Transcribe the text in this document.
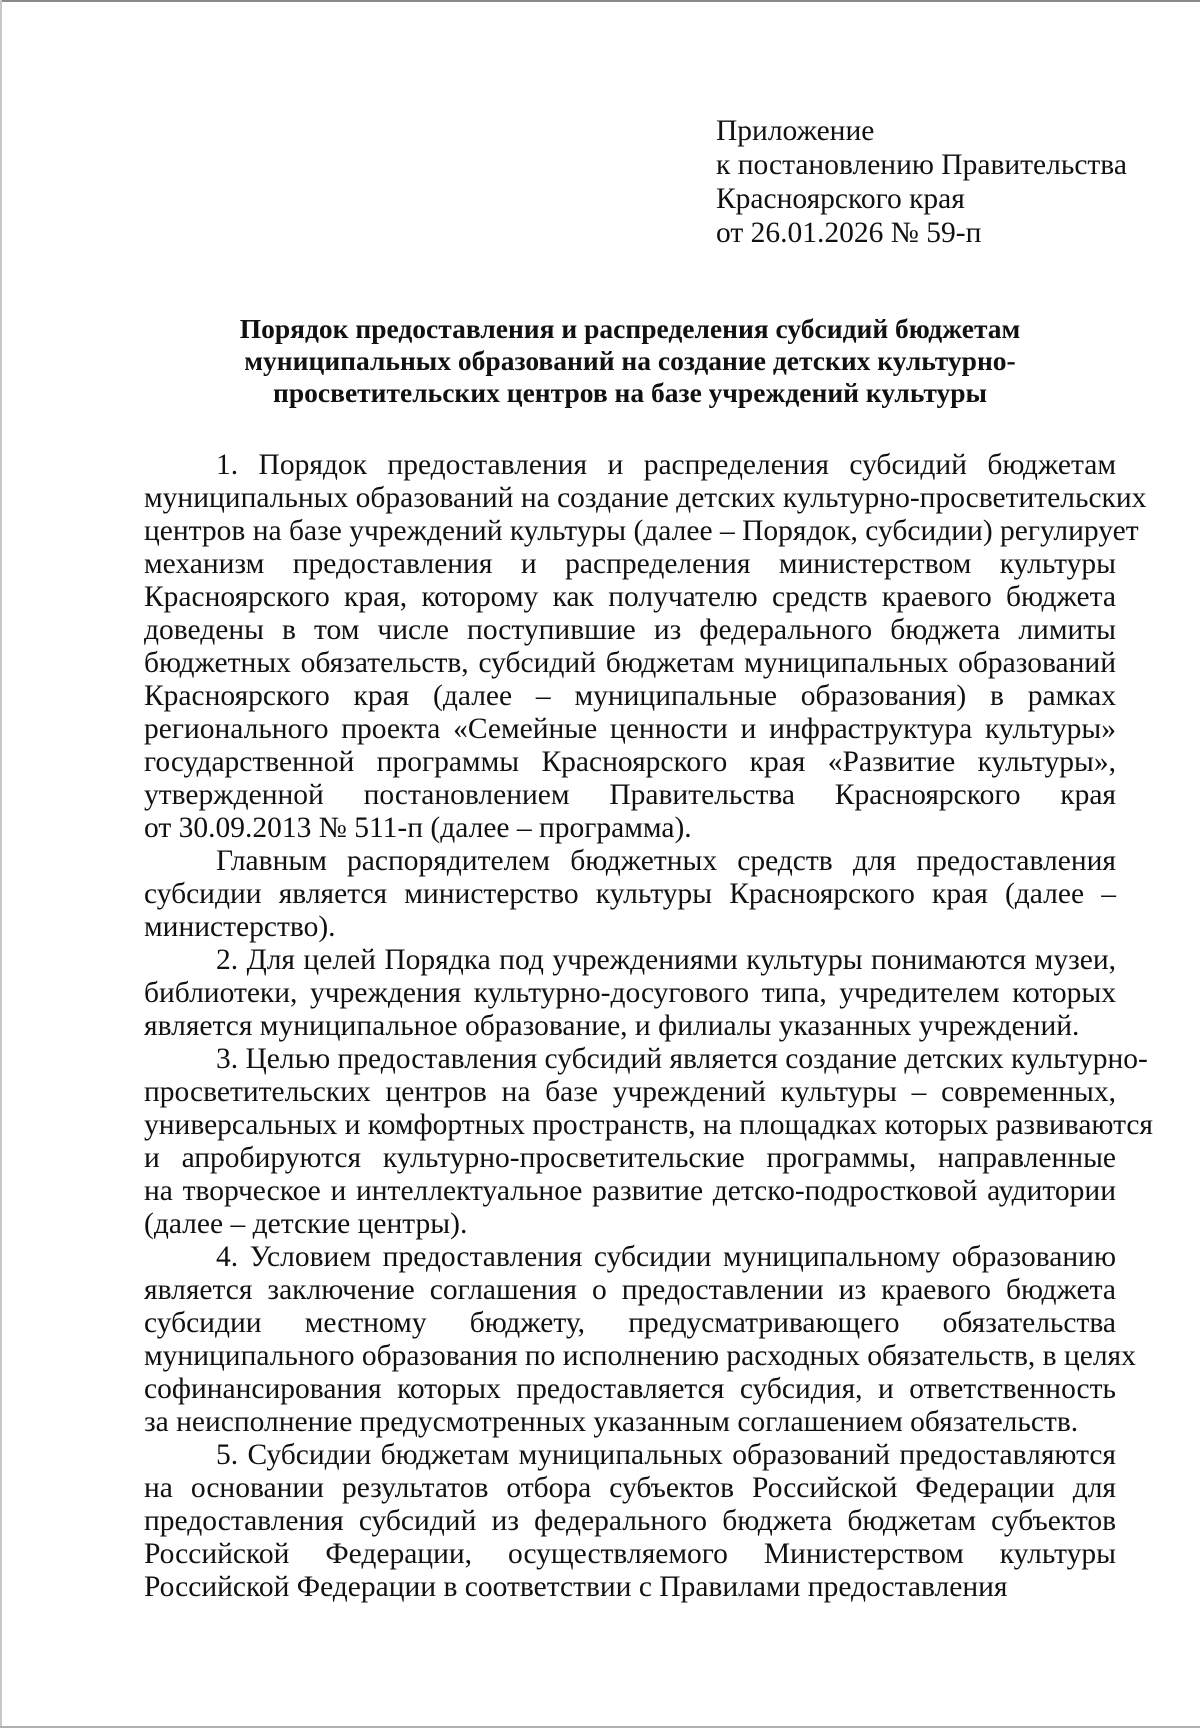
Приложение
к постановлению Правительства
Красноярского края
от 26.01.2026 № 59-п
Порядок предоставления и распределения субсидий бюджетам
муниципальных образований на создание детских культурно-
просветительских центров на базе учреждений культуры
1. Порядок предоставления и распределения субсидий бюджетам
муниципальных образований на создание детских культурно-просветительских
центров на базе учреждений культуры (далее – Порядок, субсидии) регулирует
механизм предоставления и распределения министерством культуры
Красноярского края, которому как получателю средств краевого бюджета
доведены в том числе поступившие из федерального бюджета лимиты
бюджетных обязательств, субсидий бюджетам муниципальных образований
Красноярского края (далее – муниципальные образования) в рамках
регионального проекта «Семейные ценности и инфраструктура культуры»
государственной программы Красноярского края «Развитие культуры»,
утвержденной постановлением Правительства Красноярского края
от 30.09.2013 № 511-п (далее – программа).
Главным распорядителем бюджетных средств для предоставления
субсидии является министерство культуры Красноярского края (далее –
министерство).
2. Для целей Порядка под учреждениями культуры понимаются музеи,
библиотеки, учреждения культурно-досугового типа, учредителем которых
является муниципальное образование, и филиалы указанных учреждений.
3. Целью предоставления субсидий является создание детских культурно-
просветительских центров на базе учреждений культуры – современных,
универсальных и комфортных пространств, на площадках которых развиваются
и апробируются культурно-просветительские программы, направленные
на творческое и интеллектуальное развитие детско-подростковой аудитории
(далее – детские центры).
4. Условием предоставления субсидии муниципальному образованию
является заключение соглашения о предоставлении из краевого бюджета
субсидии местному бюджету, предусматривающего обязательства
муниципального образования по исполнению расходных обязательств, в целях
софинансирования которых предоставляется субсидия, и ответственность
за неисполнение предусмотренных указанным соглашением обязательств.
5. Субсидии бюджетам муниципальных образований предоставляются
на основании результатов отбора субъектов Российской Федерации для
предоставления субсидий из федерального бюджета бюджетам субъектов
Российской Федерации, осуществляемого Министерством культуры
Российской Федерации в соответствии с Правилами предоставления
